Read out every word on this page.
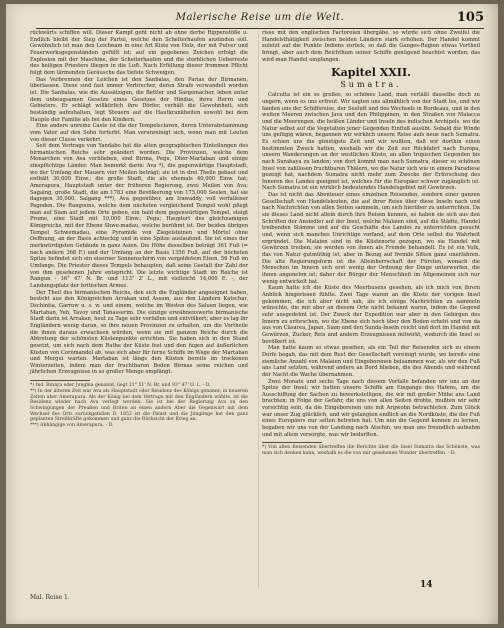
Malerische Reise um die Welt.	105

rückwärts schiffen will. Dieser Kampf geht nicht ab ohne derbe Rippenstöße u. Endlich bleibt der Sieg der Partei, welche den Schelterhaufen anzünden soll. Gewöhnlich ist man den Leichnam in eine Art Kiste von Holz, der mit Pulver und Feuerwerksgegenständen gefüllt ist; auf ein gegebenes Zeichen erfolgt die Explosion mit der Maschine, der Scheiterhaufen und die sterblichen Ueberreste des heiligen Priesters fliegen in die Luft. Nach Erfüllung dieser frommen Pflicht folgt dem lärmenden Geräusche das tiefste Schweigen.

Das Verbrennen der Leichen ist den Sanbalas, den Parias der Birmanen, überlassen. Diese sind fast immer Verbrecher, deren Strafe verwandelt worden ist. Die Sanbalas, wie die Aussätzigen, die Bettler und Sargemacher, leben unter dem unbeugsamen Gesetze eines Gesetzes der Hindus, ihres Herrn und Gebieters. Er schlägt willkürlich ihre Dörfer, verhält die Gewohnheit, sich beständig aufzuhalten, legt Steuern auf die Hautkrankheiten sowohl bei dem Haupte der Familie als bei den Kindern.

Eine andere unreine Caste ist die der Tempelsclaven, deren Unterabstammung vom Vater auf den Sohn forterbt. Man verunreinigt sich, wenn man mit Leuten von dieser Classe verkehrt.

Seit dem Vertrage von Yandabo hat die alten geographischen Einteilungen des birmanischen Reichs sehr geändert worden. Die Provinzen, welche dem Monarchen von Ava verblieben, sind Birma, Pegu, Dher-Martaban und einige zinspflichtige Länder. Man bemerkt darin: Ava *), die gegenwärtige Hauptstadt, wo der Umfang der Mauern vier Meilen beträgt; sie ist in drei Theile gebaut und enthält 30,000 Einw.; die große Stadt, die als ehemals 40,000 Einw. hat; Amerapura, Hauptstadt unter der früheren Regierung, zwei Meilen von Ava; Sagaing, große Stadt, die am 1783 eine Bevölkerung von 175,000 Seelen, hat sie dagegen 30,000. Salgang ***), Ava gegenüber, am Irawaddy, voll verfallener Pagoden. Die Rangoons, welche dem nächsten vergleichend Tempel wohl pflegt man auf Siam auf jedem Orte geben, ein bald dem gegenwärtigen Tempel, steigt Prome, eine Stadt mit 10,000 Einw.; Pegu; Hauptort des gleichnamigen Königreichs, mit der Ebene Shwe-madau, welche berühmt ist. Der beiden übrigen Tempel Schwemadau, eine Pyramide von Ziegelsteinen und Mörtel ohne Oeffnung, an der Basis achteckig und in eine Spitze auslaufend. Sie ist eines der merkwürdigsten Gebäude in ganz Asien. Die Höhe desselben beträgt 361 Fuß (= nach andern 368 F.) und der Umfang an der Basis 1356 Fuß, auf der höchsten Spitze befindet sich ein eiserner Sonnenschirm von vergoldetem Eisen, 56 Fuß im Umfange. Die Priester dieses Tempels behaupten, daß seine Gestalt der Zahl der von ihm gesehenen Jahre entspricht. Die letzte wichtige Stadt im Reiche ist Rangun - 16° 47' N. Br. und 113° 2' L., mit vielleicht 14,000 E. -, der Landungsplatz der britischen Armee.

Der Theil des birmanischen Reichs, den sich die Engländer angeeignet haben, besteht aus den Königreichen Arrakan und Assam, aus den Ländern Katschar, Dschintia, Garrow u. s. w. und einem, welche im Westen des Saluen liegen, wie Martaban, Yeh, Tavoy und Tanasserim. Die einzige erwähnenswerte birmanische Stadt darin ist Arrakan, heut zu Tage sehr verfallen und entvölkert; aber es lag ihr Engländern wenig daran, so ihre neuen Provinzen zu erhalten, um die Vortheile die ihnen daraus erwachsen würden, wenn sie mit ganzem Reiche durch die Abtretung der schönsten Küstenpunkte errichten. Sie haben sich in den Stand gesetzt, um sich nach dem Rathe der Küste fest und den fugen auf äußerlichen Küsten von Coromandel ab, was sich aber für ferne Schiffe im Wege der Martaban und Mergui warten. Martaban ist längs den Küsten bereits im trockenen Winterzeiten, indem man der fruchtbaren Boden Birmas seine reichen und jährlichen Erzeugnisse in so großer Menge empfängt.

*) Ind. Rinaya oder Jungma genannt, liegt 21° 51' N. Br. und 93° 47' O. L. - D.
**) In der älteren Zeit war Ava als Hauptstadt oder Residenz des Königs genannt; in neueren Zeiten aber Amerapura. Als der König bei dem Vertrage mit den Engländern wählte, ist die Residenz wieder nach Ava verlegt worden. Sie ist bei der Regierung Ava zu den Schwingungen der Preußen und Briten an einen andern Aber die Gegenwart mit dem Wechsel des Orts zurückgefallen D. 1852 ist die Palast und die Jünglinge hat den ganz geplanten Streitkräfte gekommen und ganz die Rücksicht der Krieg an.
***) Abhängige von Amerapura. - D.

risse mit den englischen Factoreien übergäbe, so würde sich ohne Zweifel die Handelsthätigkeit zwischen beiden Ländern stark erhöhen. Der Handel kommt zuletzt auf die Punkte Indiens zurück, so daß die Ganges-Region etwas Vortheil bringt, aber auch dem Reichthum seiner Schiffe genügend beachtet worden; das wird man Handel empfangen.

Kapitel XXII.
Sumatra.

Calcutta ist ein so großes, so schönes Land, man verläßt dasselbe doch zu ungern, wenn es uns erfreut. Wir sagten uns allmählich von der Stadt los, und wir fanden uns der Schiffsreise, der Seeluft und des Wechsels in Bordeaux, und in den weiten Meeren zwischen Java und den Philippinen, in den Straßen von Malacca und die Meerengen, die heißen Länder und Inseln des indischen Archipels, wo die Natur selbst auf die Vegetation jener Gegenden Einfluß ausübt. Sobald die Winde uns gefügig wären, begannen wir wirklich unsere Reise aufs neue nach Sumatra. Es schien uns die günstigste Zeit und wir wußten, daß wir dorthin einen bestimmten Zweck hatten, weshalb wir die Zeit zur Rückfahrt nach Europa, unsern Wanderungen an der westlichen Küste, an allen tropischen Gegenden bis nach Surabaya zu landen; von dort kommt man nach Sumatra, dieser so schönen Insel von zahllosen fruchtbaren Thälern, wo die Natur sich wie in einem Paradiese gezeigt hat, nachdem Sumatra nicht mehr zum Zwecke der Erforschung des Inneren des Landes geeignet ist, welches für die Europäer schwer zugänglich ist. Nach Sumatra ist ein wirklich bedeutendes Handelsgebiet mit Gewürzen.

Das ist nicht das Abenteuer eines einzelnen Reisenden, sondern einer ganzen Gesellschaft von Handelsleuten, die auf ihrer Reise über diese Inseln nach und nach Nachrichten von allen Seiten sammeln, um sich hierüber zu unterrichten. Da sie dieses Land nicht allein durch ihre Reisen kennen, so haben sie sich aus den Schriften der Ansiedler auf der Insel, welche Malaien sind, auf die Städte, Handel treibenden Stämme und auf die Geschäfte des Landes zu unterrichten gesucht und, wenn sich manches Unrichtige vorfand, auf dem Orte selbst die Wahrheit ergründet. Die Malaien sind in die Küstenorte gezogen, wo sie Handel mit Gewürzen treiben; sie werden von ihnen als Fremde behandelt. Es ist ein Volk, das von Natur gutmüthig ist, aber in Bezug auf fremde Sitten ganz unerfahren. Die alte Regierungsform ist die Alleinherrschaft der Fürsten, wonach die Menschen im Innern sich erst wenig der Ordnung der Dinge unterwerfen, die ihnen angenehm ist; daher der Bürger der Menschheit im Allgemeinen sich nur wenig entwickelt hat.

Kaum hatte ich die Küste des Meerbusens gesehen, als ich mich von ihrem Anblick hingerissen fühlte. Zwei Tage waren an die Küste der vorigen Insel gekommen, die ich aber nicht sah, als ich einige Nachrichten zu sammeln wünschte, die mir aber an diesem Orte nicht bekannt waren, indem die Gegend sehr ausgedehnt ist. Der Zweck der Expedition war aber in den Gebirgen des Innern zu erforschen, wo die Ebene sich hoch über den Boden erhebt und von da aus von Cäsarea, Japan, Siam und den Sunda-Inseln reicht und dort im Handel mit Gewürzen, Zucker, Reis und andern Erzeugnissen mitwirkt, wodurch die Insel so bevölkert ist.

Man hatte kaum so etwas gesehen, als ein Teil der Reisenden sich zu einem Dorfe begab, das mit dem Rest der Gesellschaft vereinigt wurde, wo bereits eine ziemliche Anzahl von Malaien und Eingeborenen beisammen war, als wir den Fuß ans Land setzten, während andere an Bord blieben, die des Abends und während der Nacht die Wache übernahmen.

Zwei Monate und sechs Tage nach diesem Vorfalle befanden wir uns an der Spitze der Insel; wir hatten unsere Schiffe am Eingange des Hafens, um die Ausschiffung der Sachen zu bewerkstelligen, die wir mit großer Mühe ans Land brachten; in Folge der Gefahr, die uns von allen Seiten drohte, mußten wir sehr vorsichtig sein, da die Eingeborenen uns mit Argwohn betrachteten. Zum Glück war unser Zug glücklich, und wir gelangten endlich an die Nordküste, die der Fuß eines Europäers nur selten betreten hat. Um nun die Gegend kennen zu lernen, begaben wir uns von der Landung nach Atschin, wo man uns freundlich aufnahm und mit allem versorgte, was wir bedurften.

*) Von allen Reisenden übertreffen die Berichte über die Insel Sumatra das Schönste, was man sich denken kann, weshalb es die von mir gesehenen Wunder übertreffen. - D.
Mal. Reise 1.
14
